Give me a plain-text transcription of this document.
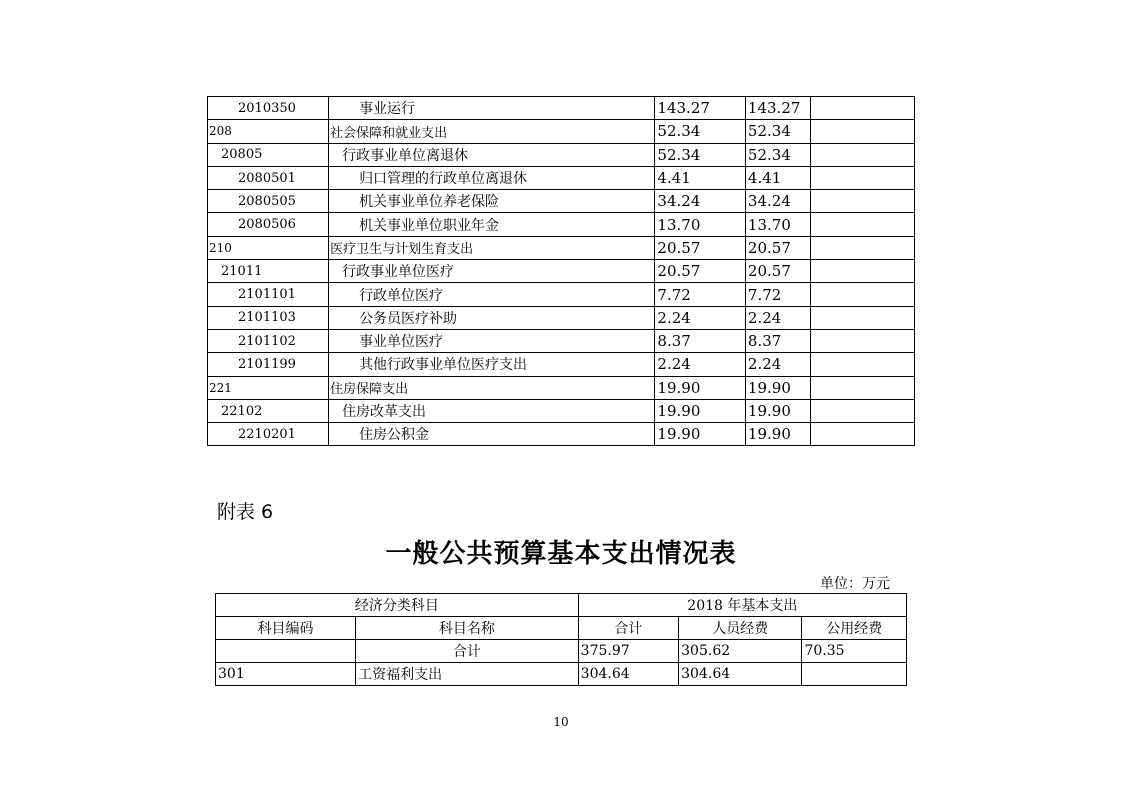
2010350	事业运行	143.27	143.27	
208	社会保障和就业支出	52.34	52.34	
20805	行政事业单位离退休	52.34	52.34	
2080501	归口管理的行政单位离退休	4.41	4.41	
2080505	机关事业单位养老保险	34.24	34.24	
2080506	机关事业单位职业年金	13.70	13.70	
210	医疗卫生与计划生育支出	20.57	20.57	
21011	行政事业单位医疗	20.57	20.57	
2101101	行政单位医疗	7.72	7.72	
2101103	公务员医疗补助	2.24	2.24	
2101102	事业单位医疗	8.37	8.37	
2101199	其他行政事业单位医疗支出	2.24	2.24	
221	住房保障支出	19.90	19.90	
22102	住房改革支出	19.90	19.90	
2210201	住房公积金	19.90	19.90	
附表 6
一般公共预算基本支出情况表
单位：万元
经济分类科目		2018 年基本支出		
科目编码	科目名称	合计	人员经费	公用经费
	合计	375.97	305.62	70.35
301	工资福利支出	304.64	304.64	
10
